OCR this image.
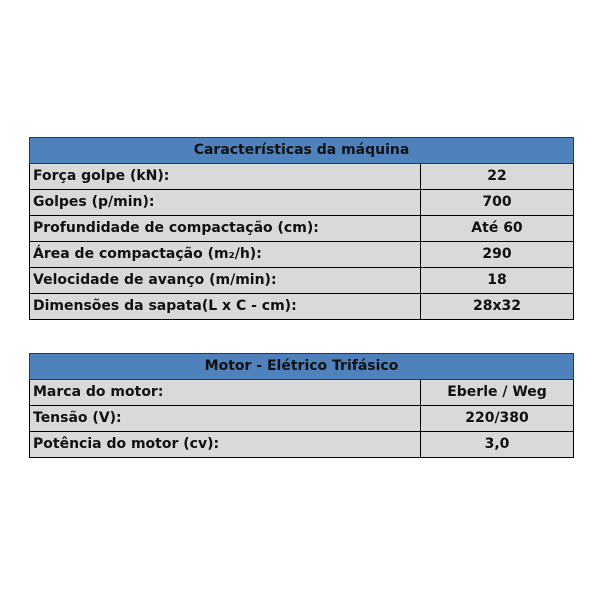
Características da máquina	
Força golpe (kN):	22
Golpes (p/min):	700
Profundidade de compactação (cm):	Até 60
Área de compactação (m₂/h):	290
Velocidade de avanço (m/min):	18
Dimensões da sapata(L x C - cm):	28x32
Motor - Elétrico Trifásico	
Marca do motor:	Eberle / Weg
Tensão (V):	220/380
Potência do motor (cv):	3,0
